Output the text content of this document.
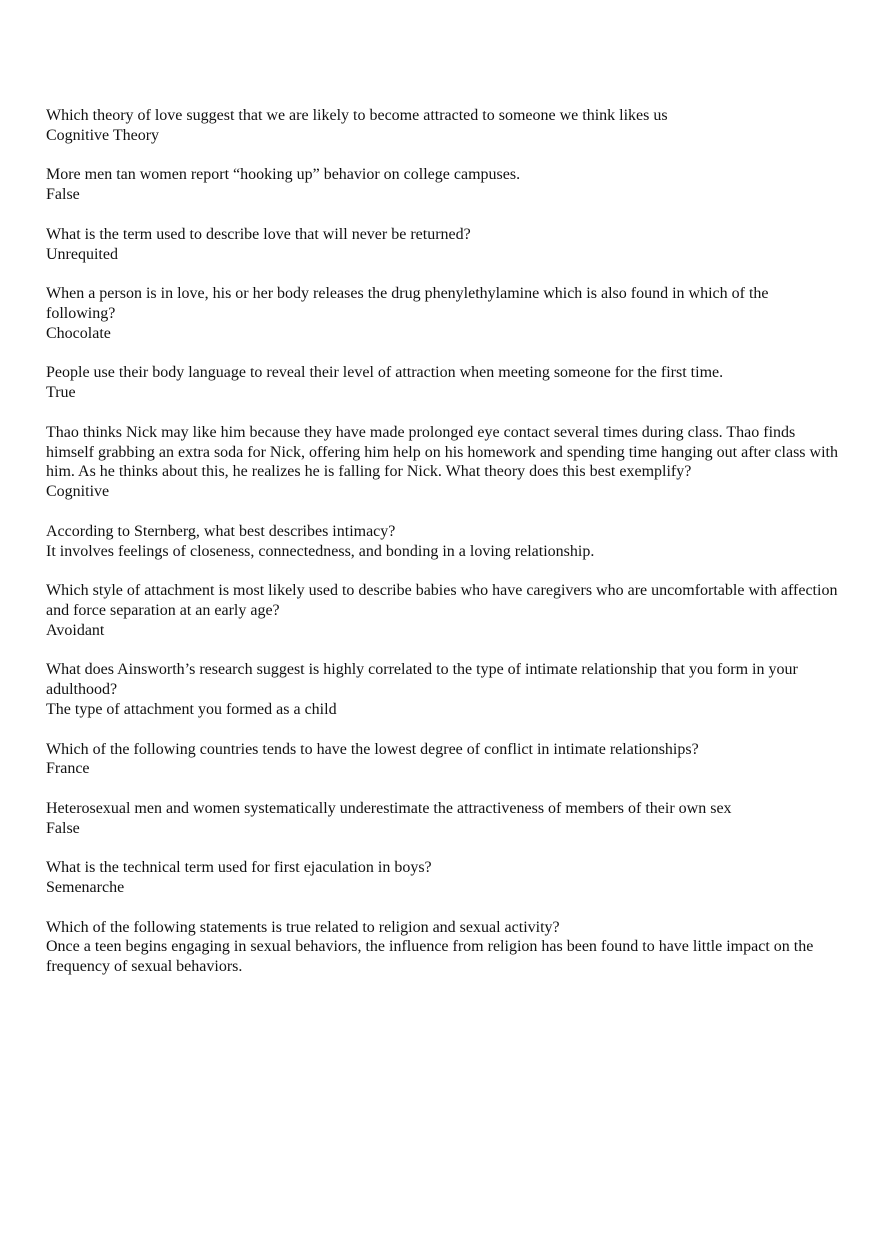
Which theory of love suggest that we are likely to become attracted to someone we think likes us
Cognitive Theory
More men tan women report “hooking up” behavior on college campuses.
False
What is the term used to describe love that will never be returned?
Unrequited
When a person is in love, his or her body releases the drug phenylethylamine which is also found in which of the following?
Chocolate
People use their body language to reveal their level of attraction when meeting someone for the first time.
True
Thao thinks Nick may like him because they have made prolonged eye contact several times during class. Thao finds himself grabbing an extra soda for Nick, offering him help on his homework and spending time hanging out after class with him. As he thinks about this, he realizes he is falling for Nick. What theory does this best exemplify?
Cognitive
According to Sternberg, what best describes intimacy?
It involves feelings of closeness, connectedness, and bonding in a loving relationship.
Which style of attachment is most likely used to describe babies who have caregivers who are uncomfortable with affection and force separation at an early age?
Avoidant
What does Ainsworth’s research suggest is highly correlated to the type of intimate relationship that you form in your adulthood?
The type of attachment you formed as a child
Which of the following countries tends to have the lowest degree of conflict in intimate relationships?
France
Heterosexual men and women systematically underestimate the attractiveness of members of their own sex
False
What is the technical term used for first ejaculation in boys?
Semenarche
Which of the following statements is true related to religion and sexual activity?
Once a teen begins engaging in sexual behaviors, the influence from religion has been found to have little impact on the frequency of sexual behaviors.
